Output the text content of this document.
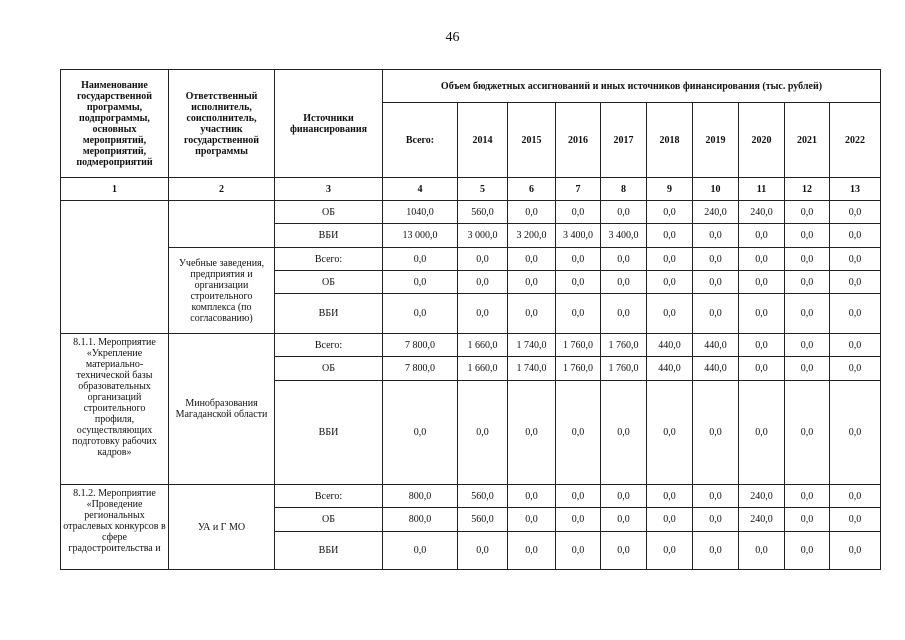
46
Наименование государственной программы, подпрограммы, основных мероприятий, мероприятий, подмероприятий	Ответственный исполнитель, соисполнитель, участник государственной программы	Источники финансирования	Объем бюджетных ассигнований и иных источников финансирования (тыс. рублей)									
			Всего:	2014	2015	2016	2017	2018	2019	2020	2021	2022
1	2	3	4	5	6	7	8	9	10	11	12	13
		ОБ	1040,0	560,0	0,0	0,0	0,0	0,0	240,0	240,0	0,0	0,0
		ВБИ	13 000,0	3 000,0	3 200,0	3 400,0	3 400,0	0,0	0,0	0,0	0,0	0,0
	Учебные заведения, предприятия и организации строительного комплекса (по согласованию)	Всего:	0,0	0,0	0,0	0,0	0,0	0,0	0,0	0,0	0,0	0,0
		ОБ	0,0	0,0	0,0	0,0	0,0	0,0	0,0	0,0	0,0	0,0
		ВБИ	0,0	0,0	0,0	0,0	0,0	0,0	0,0	0,0	0,0	0,0
8.1.1. Мероприятие «Укрепление материально-технической базы образовательных организаций строительного профиля, осуществляющих подготовку рабочих кадров»	Минобразования Магаданской области	Всего:	7 800,0	1 660,0	1 740,0	1 760,0	1 760,0	440,0	440,0	0,0	0,0	0,0
		ОБ	7 800,0	1 660,0	1 740,0	1 760,0	1 760,0	440,0	440,0	0,0	0,0	0,0
		ВБИ	0,0	0,0	0,0	0,0	0,0	0,0	0,0	0,0	0,0	0,0
8.1.2. Мероприятие «Проведение региональных отраслевых конкурсов в сфере градостроительства и	УА и Г МО	Всего:	800,0	560,0	0,0	0,0	0,0	0,0	0,0	240,0	0,0	0,0
		ОБ	800,0	560,0	0,0	0,0	0,0	0,0	0,0	240,0	0,0	0,0
		ВБИ	0,0	0,0	0,0	0,0	0,0	0,0	0,0	0,0	0,0	0,0
